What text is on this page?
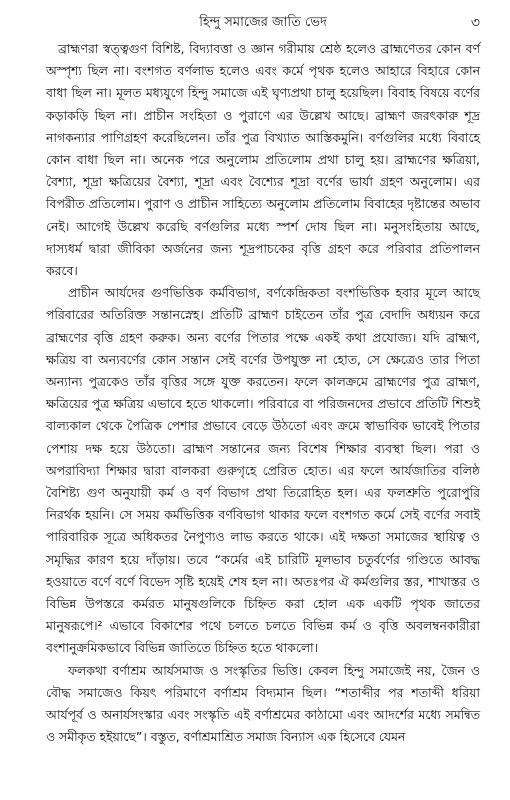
হিন্দু সমাজের জাতি ভেদ	৩

ব্রাহ্মণরা স্বত্ত্বগুণ বিশিষ্ট, বিদ্যাবত্তা ও জ্ঞান গরীমায় শ্রেষ্ঠ হলেও ব্রাহ্মণেতর কোন বর্ণ অস্পৃশ্য ছিল না। বংশগত বর্ণলাভ হলেও এবং কর্মে পৃথক হলেও আহারে বিহারে কোন বাধা ছিল না। মূলত মধ্যযুগে হিন্দু সমাজে এই ঘৃণ্যপ্রথা চালু হয়েছিল। বিবাহ বিষয়ে বর্ণের কড়াকড়ি ছিল না। প্রাচীন সংহিতা ও পুরাণে এর উল্লেখ আছে। ব্রাহ্মণ জরৎকারু শূদ্র নাগকন্যার পাণিগ্রহণ করেছিলেন। তাঁর পুত্র বিখ্যাত আস্তিকমুনি। বর্ণগুলির মধ্যে বিবাহে কোন বাধা ছিল না। অনেক পরে অনুলোম প্রতিলোম প্রথা চালু হয়। ব্রাহ্মণের ক্ষত্রিয়া, বৈশ্যা, শূদ্রা ক্ষত্রিয়ের বৈশ্যা, শূদ্রা এবং বৈশ্যের শূদ্রা বর্ণের ভার্যা গ্রহণ অনুলোম। এর বিপরীত প্রতিলোম। পুরাণ ও প্রাচীন সাহিত্যে অনুলোম প্রতিলোম বিবাহের দৃষ্টান্তের অভাব নেই। আগেই উল্লেখ করেছি বর্ণগুলির মধ্যে স্পর্শ দোষ ছিল না। মনুসংহিতায় আছে, দাস্যধর্ম দ্বারা জীবিকা অর্জনের জন্য শূদ্রপাচকের বৃত্তি গ্রহণ করে পরিবার প্রতিপালন করবে।

প্রাচীন আর্যদের গুণভিত্তিক কর্মবিভাগ, বর্ণকেন্দ্রিকতা বংশভিত্তিক হবার মূলে আছে পরিবারের অতিরিক্ত সন্তানস্নেহ। প্রতিটি ব্রাহ্মণ চাইতেন তাঁর পুত্র বেদাদি অধ্যয়ন করে ব্রাহ্মণের বৃত্তি গ্রহণ করুক। অন্য বর্ণের পিতার পক্ষে একই কথা প্রযোজ্য। যদি ব্রাহ্মণ, ক্ষত্রিয় বা অন্যবর্ণের কোন সন্তান সেই বর্ণের উপযুক্ত না হোত, সে ক্ষেত্রেও তার পিতা অন্যান্য পুত্রকেও তাঁর বৃত্তির সঙ্গে যুক্ত করতেন। ফলে কালক্রমে ব্রাহ্মণের পুত্র ব্রাহ্মণ, ক্ষত্রিয়ের পুত্র ক্ষত্রিয় এভাবে হতে থাকলো। পরিবারে বা পরিজনদের প্রভাবে প্রতিটি শিশুই বাল্যকাল থেকে পৈত্রিক পেশার প্রভাবে বেড়ে উঠতো এবং ক্রমে স্বাভাবিক ভাবেই পিতার পেশায় দক্ষ হয়ে উঠতো। ব্রাহ্মণ সন্তানের জন্য বিশেষ শিক্ষার ব্যবস্থা ছিল। পরা ও অপরাবিদ্যা শিক্ষার দ্বারা বালকরা গুরুগৃহে প্রেরিত হোত। এর ফলে আর্যজাতির বলিষ্ঠ বৈশিষ্ট্য গুণ অনুযায়ী কর্ম ও বর্ণ বিভাগ প্রথা তিরোহিত হল। এর ফলশ্রুতি পুরোপুরি নিরর্থক হয়নি। সে সময় কর্মভিত্তিক বর্ণবিভাগ থাকার ফলে বংশগত কর্মে সেই বর্ণের সবাই পারিবারিক সূত্রে অধিকতর নৈপুণ্যও লাভ করতে থাকে। এই দক্ষতা সমাজের স্থায়িত্ব ও সমৃদ্ধির কারণ হয়ে দাঁড়ায়। তবে “কর্মের এই চারিটি মূলভাব চতুর্বর্ণের গণ্ডিতে আবদ্ধ হওয়াতে বর্ণে বর্ণে বিভেদ সৃষ্টি হয়েই শেষ হল না। অতঃপর ঐ কর্মগুলির স্তর, শাখাস্তর ও বিভিন্ন উপস্তরে কর্মরত মানুষগুলিকে চিহ্নিত করা হোল এক একটি পৃথক জাতের মানুষরূপে।² এভাবে বিকাশের পথে চলতে চলতে বিভিন্ন কর্ম ও বৃত্তি অবলম্বনকারীরা বংশানুক্রমিকভাবে বিভিন্ন জাতিতে চিহ্নিত হতে থাকলো।

ফলকথা বর্ণাশ্রম আর্যসমাজ ও সংস্কৃতির ভিত্তি। কেবল হিন্দু সমাজেই নয়, জৈন ও বৌদ্ধ সমাজেও কিয়ৎ পরিমাণে বর্ণাশ্রম বিদ্যমান ছিল। “শতাব্দীর পর শতাব্দী ধরিয়া আর্যপূর্ব ও অনার্যসংস্কার এবং সংস্কৃতি এই বর্ণাশ্রমের কাঠামো এবং আদর্শের মধ্যে সমন্বিত ও সমীকৃত হইয়াছে”। বস্তুত, বর্ণাশ্রমাশ্রিত সমাজ বিন্যাস এক হিসেবে যেমন
